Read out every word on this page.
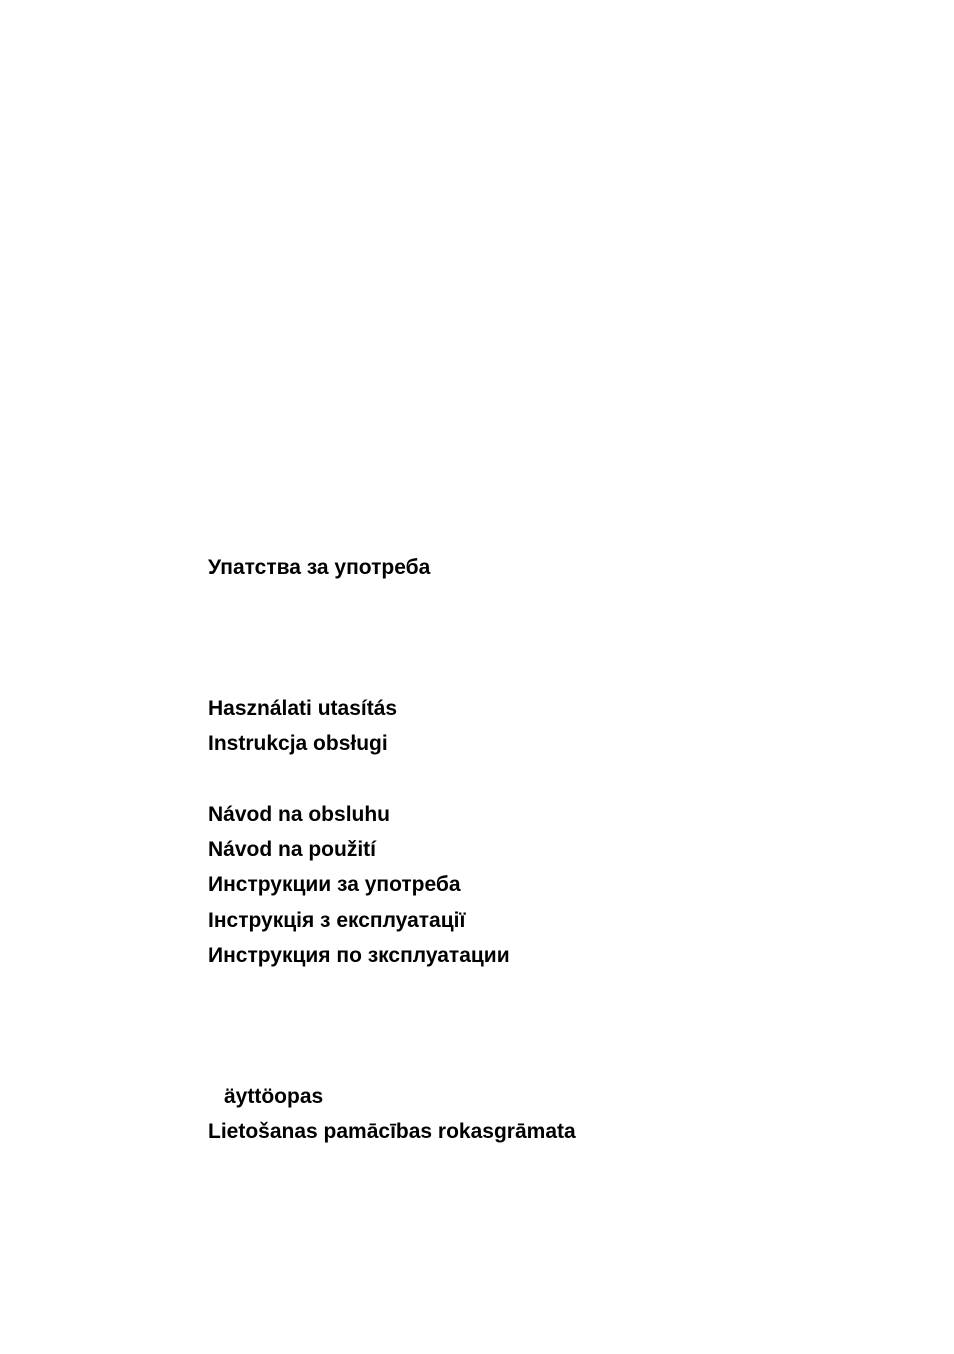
Упатства за употреба
Használati utasítás
Instrukcja obsługi
Návod na obsluhu
Návod na použití
Инструкции за употреба
Інструкція з експлуатації
Инструкция по зксплуатации
äyttöopas
Lietošanas pamācības rokasgrāmata
